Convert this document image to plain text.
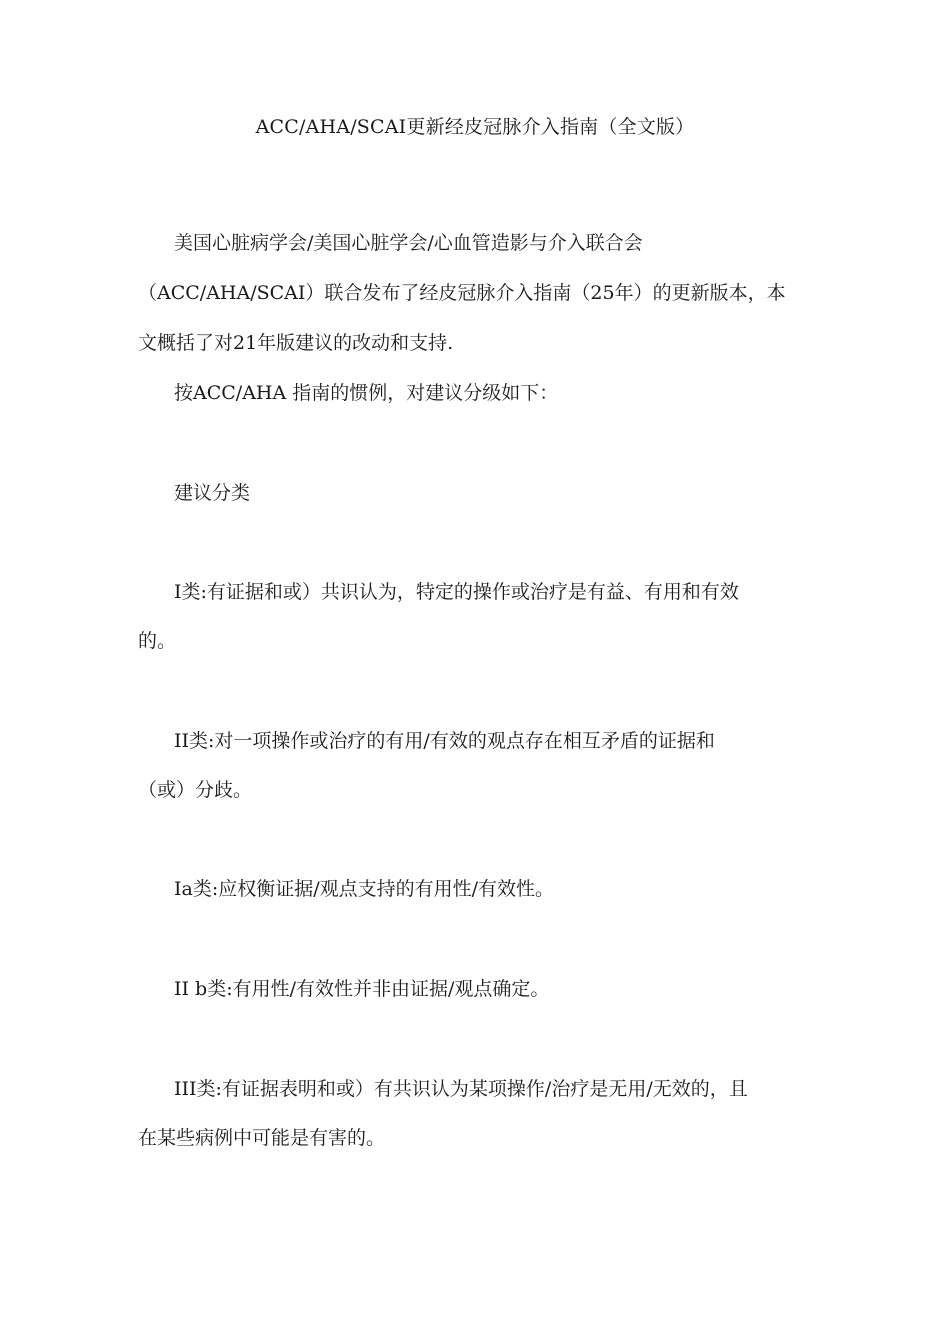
ACC/AHA/SCAI更新经皮冠脉介入指南（全文版）
美国心脏病学会/美国心脏学会/心血管造影与介入联合会
（ACC/AHA/SCAI）联合发布了经皮冠脉介入指南（25年）的更新版本，本
文概括了对21年版建议的改动和支持.
按ACC/AHA 指南的惯例，对建议分级如下：
建议分类
I类:有证据和或）共识认为，特定的操作或治疗是有益、有用和有效
的。
II类:对一项操作或治疗的有用/有效的观点存在相互矛盾的证据和
（或）分歧。
Ia类:应权衡证据/观点支持的有用性/有效性。
II b类:有用性/有效性并非由证据/观点确定。
III类:有证据表明和或）有共识认为某项操作/治疗是无用/无效的，且
在某些病例中可能是有害的。
